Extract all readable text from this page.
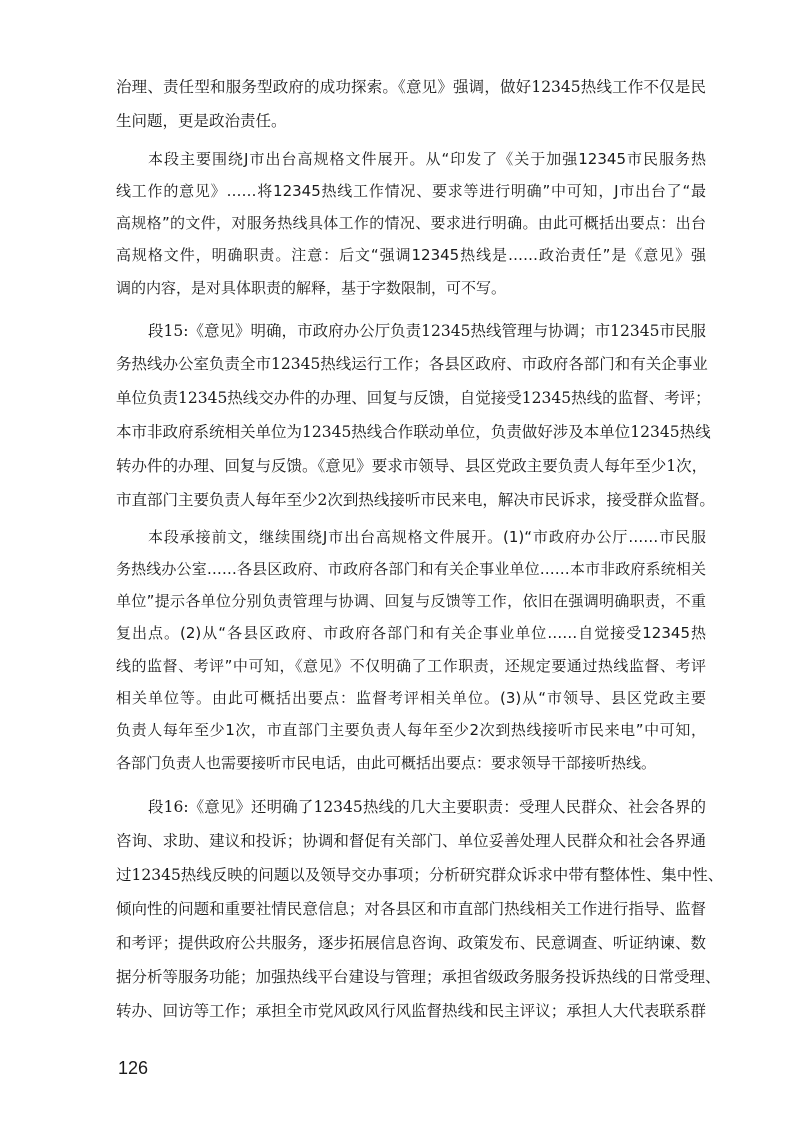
治理、责任型和服务型政府的成功探索。《意见》强调，做好12345热线工作不仅是民
生问题，更是政治责任。
本段主要围绕J市出台高规格文件展开。从“印发了《关于加强12345市民服务热
线工作的意见》……将12345热线工作情况、要求等进行明确”中可知，J市出台了“最
高规格”的文件，对服务热线具体工作的情况、要求进行明确。由此可概括出要点：出台
高规格文件，明确职责。注意：后文“强调12345热线是……政治责任”是《意见》强
调的内容，是对具体职责的解释，基于字数限制，可不写。
段15:《意见》明确，市政府办公厅负责12345热线管理与协调；市12345市民服
务热线办公室负责全市12345热线运行工作；各县区政府、市政府各部门和有关企事业
单位负责12345热线交办件的办理、回复与反馈，自觉接受12345热线的监督、考评；
本市非政府系统相关单位为12345热线合作联动单位，负责做好涉及本单位12345热线
转办件的办理、回复与反馈。《意见》要求市领导、县区党政主要负责人每年至少1次，
市直部门主要负责人每年至少2次到热线接听市民来电，解决市民诉求，接受群众监督。
本段承接前文，继续围绕J市出台高规格文件展开。(1)“市政府办公厅……市民服
务热线办公室……各县区政府、市政府各部门和有关企事业单位……本市非政府系统相关
单位”提示各单位分别负责管理与协调、回复与反馈等工作，依旧在强调明确职责，不重
复出点。(2)从“各县区政府、市政府各部门和有关企事业单位……自觉接受12345热
线的监督、考评”中可知，《意见》不仅明确了工作职责，还规定要通过热线监督、考评
相关单位等。由此可概括出要点：监督考评相关单位。(3)从“市领导、县区党政主要
负责人每年至少1次，市直部门主要负责人每年至少2次到热线接听市民来电”中可知，
各部门负责人也需要接听市民电话，由此可概括出要点：要求领导干部接听热线。
段16:《意见》还明确了12345热线的几大主要职责：受理人民群众、社会各界的
咨询、求助、建议和投诉；协调和督促有关部门、单位妥善处理人民群众和社会各界通
过12345热线反映的问题以及领导交办事项；分析研究群众诉求中带有整体性、集中性、
倾向性的问题和重要社情民意信息；对各县区和市直部门热线相关工作进行指导、监督
和考评；提供政府公共服务，逐步拓展信息咨询、政策发布、民意调查、听证纳谏、数
据分析等服务功能；加强热线平台建设与管理；承担省级政务服务投诉热线的日常受理、
转办、回访等工作；承担全市党风政风行风监督热线和民主评议；承担人大代表联系群
126
